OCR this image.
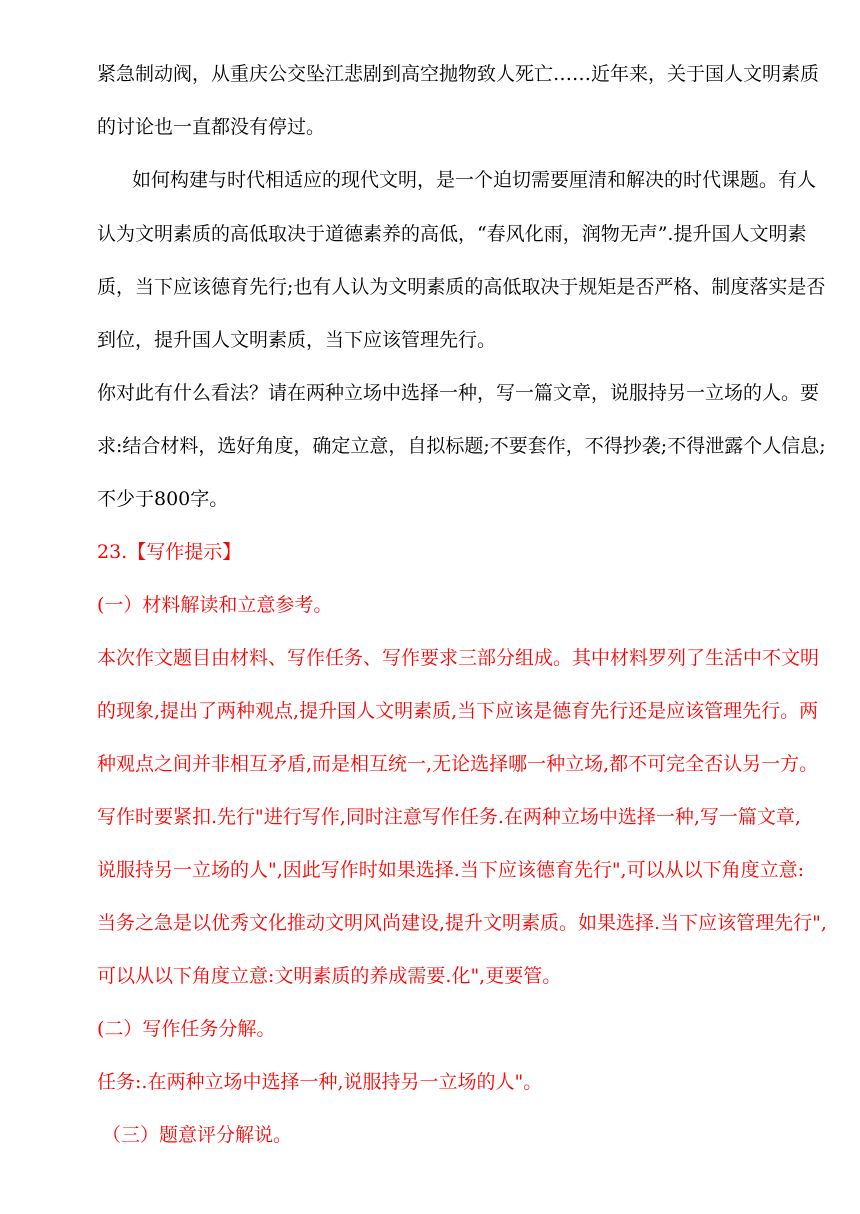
紧急制动阀，从重庆公交坠江悲剧到高空抛物致人死亡……近年来，关于国人文明素质
的讨论也一直都没有停过。
如何构建与时代相适应的现代文明，是一个迫切需要厘清和解决的时代课题。有人
认为文明素质的高低取决于道德素养的高低，“春风化雨，润物无声”.提升国人文明素
质，当下应该德育先行;也有人认为文明素质的高低取决于规矩是否严格、制度落实是否
到位，提升国人文明素质，当下应该管理先行。
你对此有什么看法？请在两种立场中选择一种，写一篇文章，说服持另一立场的人。要
求:结合材料，选好角度，确定立意，自拟标题;不要套作，不得抄袭;不得泄露个人信息;
不少于800字。
23.【写作提示】
(一）材料解读和立意参考。
本次作文题目由材料、写作任务、写作要求三部分组成。其中材料罗列了生活中不文明
的现象,提出了两种观点,提升国人文明素质,当下应该是德育先行还是应该管理先行。两
种观点之间并非相互矛盾,而是相互统一,无论选择哪一种立场,都不可完全否认另一方。
写作时要紧扣.先行"进行写作,同时注意写作任务.在两种立场中选择一种,写一篇文章,
说服持另一立场的人",因此写作时如果选择.当下应该德育先行",可以从以下角度立意:
当务之急是以优秀文化推动文明风尚建设,提升文明素质。如果选择.当下应该管理先行",
可以从以下角度立意:文明素质的养成需要.化",更要管。
(二）写作任务分解。
任务:.在两种立场中选择一种,说服持另一立场的人"。
（三）题意评分解说。
